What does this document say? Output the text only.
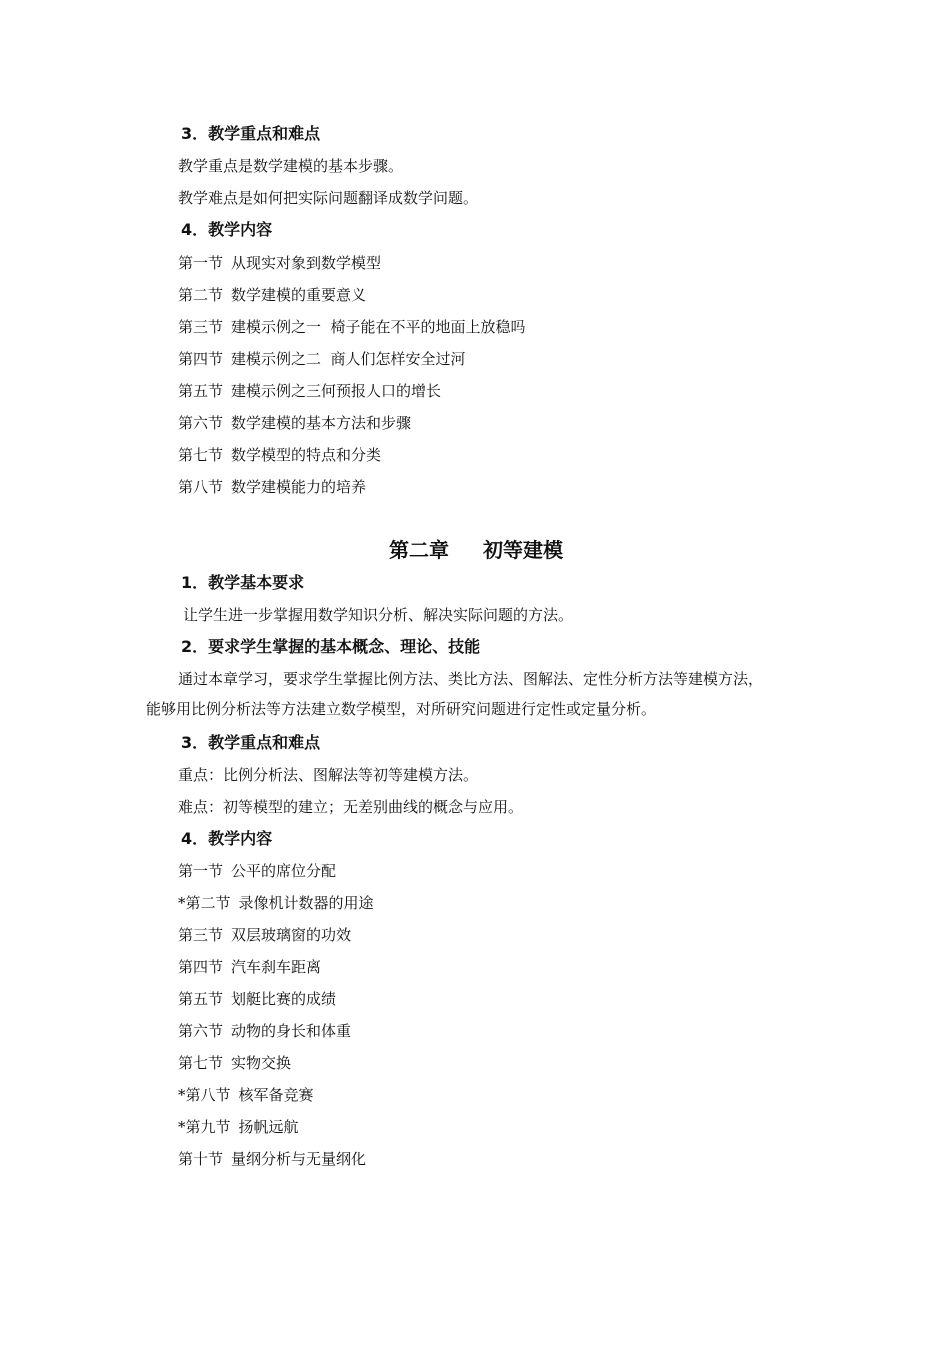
3．教学重点和难点
教学重点是数学建模的基本步骤。
教学难点是如何把实际问题翻译成数学问题。
4．教学内容
第一节 从现实对象到数学模型
第二节 数学建模的重要意义
第三节 建模示例之一  椅子能在不平的地面上放稳吗
第四节 建模示例之二  商人们怎样安全过河
第五节 建模示例之三何预报人口的增长
第六节 数学建模的基本方法和步骤
第七节 数学模型的特点和分类
第八节 数学建模能力的培养
第二章 初等建模
1．教学基本要求
让学生进一步掌握用数学知识分析、解决实际问题的方法。
2．要求学生掌握的基本概念、理论、技能
通过本章学习，要求学生掌握比例方法、类比方法、图解法、定性分析方法等建模方法，
能够用比例分析法等方法建立数学模型，对所研究问题进行定性或定量分析。
3．教学重点和难点
重点：比例分析法、图解法等初等建模方法。
难点：初等模型的建立；无差别曲线的概念与应用。
4．教学内容
第一节 公平的席位分配
*第二节 录像机计数器的用途
第三节 双层玻璃窗的功效
第四节 汽车刹车距离
第五节 划艇比赛的成绩
第六节 动物的身长和体重
第七节 实物交换
*第八节 核军备竞赛
*第九节 扬帆远航
第十节 量纲分析与无量纲化
